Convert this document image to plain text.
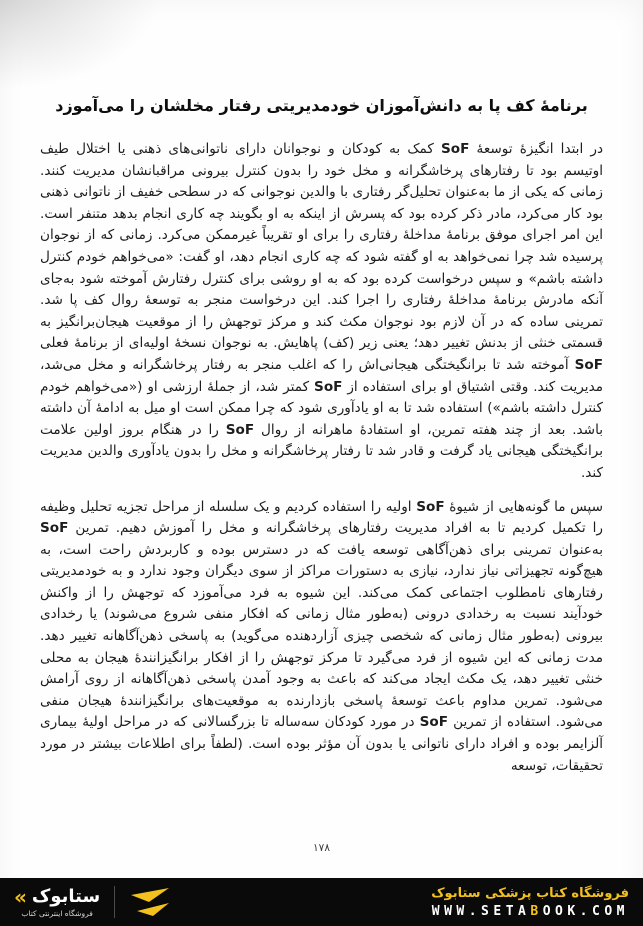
برنامهٔ کف پا به دانش‌آموزان خودمدیریتی رفتار مخلشان را می‌آموزد

در ابتدا انگیزهٔ توسعهٔ SoF کمک به کودکان و نوجوانان دارای ناتوانی‌های ذهنی یا اختلال طیف اوتیسم بود تا رفتارهای پرخاشگرانه و مخل خود را بدون کنترل بیرونی مراقبانشان مدیریت کنند. زمانی که یکی از ما به‌عنوان تحلیل‌گر رفتاری با والدین نوجوانی که در سطحی خفیف از ناتوانی ذهنی بود کار می‌کرد، مادر ذکر کرده بود که پسرش از اینکه به او بگویند چه کاری انجام بدهد متنفر است. این امر اجرای موفق برنامهٔ مداخلهٔ رفتاری را برای او تقریباً غیرممکن می‌کرد. زمانی که از نوجوان پرسیده شد چرا نمی‌خواهد به او گفته شود که چه کاری انجام دهد، او گفت: «می‌خواهم خودم کنترل داشته باشم» و سپس درخواست کرده بود که به او روشی برای کنترل رفتارش آموخته شود به‌جای آنکه مادرش برنامهٔ مداخلهٔ رفتاری را اجرا کند. این درخواست منجر به توسعهٔ روال کف پا شد. تمرینی ساده که در آن لازم بود نوجوان مکث کند و مرکز توجهش را از موقعیت هیجان‌برانگیز به قسمتی خنثی از بدنش تغییر دهد؛ یعنی زیر (کف) پاهایش. به نوجوان نسخهٔ اولیه‌ای از برنامهٔ فعلی SoF آموخته شد تا برانگیختگی هیجانی‌اش را که اغلب منجر به رفتار پرخاشگرانه و مخل می‌شد، مدیریت کند. وقتی اشتیاق او برای استفاده از SoF کمتر شد، از جملهٔ ارزشی او («می‌خواهم خودم کنترل داشته باشم») استفاده شد تا به او یادآوری شود که چرا ممکن است او میل به ادامهٔ آن داشته باشد. بعد از چند هفته تمرین، او استفادهٔ ماهرانه از روال SoF را در هنگام بروز اولین علامت برانگیختگی هیجانی یاد گرفت و قادر شد تا رفتار پرخاشگرانه و مخل را بدون یادآوری والدین مدیریت کند.

سپس ما گونه‌هایی از شیوهٔ SoF اولیه را استفاده کردیم و یک سلسله از مراحل تجزیه تحلیل وظیفه را تکمیل کردیم تا به افراد مدیریت رفتارهای پرخاشگرانه و مخل را آموزش دهیم. تمرین SoF به‌عنوان تمرینی برای ذهن‌آگاهی توسعه یافت که در دسترس بوده و کاربردش راحت است، به هیچ‌گونه تجهیزاتی نیاز ندارد، نیازی به دستورات مراکز از سوی دیگران وجود ندارد و به خودمدیریتی رفتارهای نامطلوب اجتماعی کمک می‌کند. این شیوه به فرد می‌آموزد که توجهش را از واکنش خودآیند نسبت به رخدادی درونی (به‌طور مثال زمانی که افکار منفی شروع می‌شوند) یا رخدادی بیرونی (به‌طور مثال زمانی که شخصی چیزی آزاردهنده می‌گوید) به پاسخی ذهن‌آگاهانه تغییر دهد. مدت زمانی که این شیوه از فرد می‌گیرد تا مرکز توجهش را از افکار برانگیزانندهٔ هیجان به محلی خنثی تغییر دهد، یک مکث ایجاد می‌کند که باعث به وجود آمدن پاسخی ذهن‌آگاهانه از روی آرامش می‌شود. تمرین مداوم باعث توسعهٔ پاسخی بازدارنده به موقعیت‌های برانگیزانندهٔ هیجان منفی می‌شود. استفاده از تمرین SoF در مورد کودکان سه‌ساله تا بزرگسالانی که در مراحل اولیهٔ بیماری آلزایمر بوده و افراد دارای ناتوانی یا بدون آن مؤثر بوده است. (لطفاً برای اطلاعات بیشتر در مورد تحقیقات، توسعه

۱۷۸
« ستابوک
فروشگاه اینترنتی کتاب
فروشگاه کتاب پزشکی ستابوک
WWW.SETABOOK.COM
